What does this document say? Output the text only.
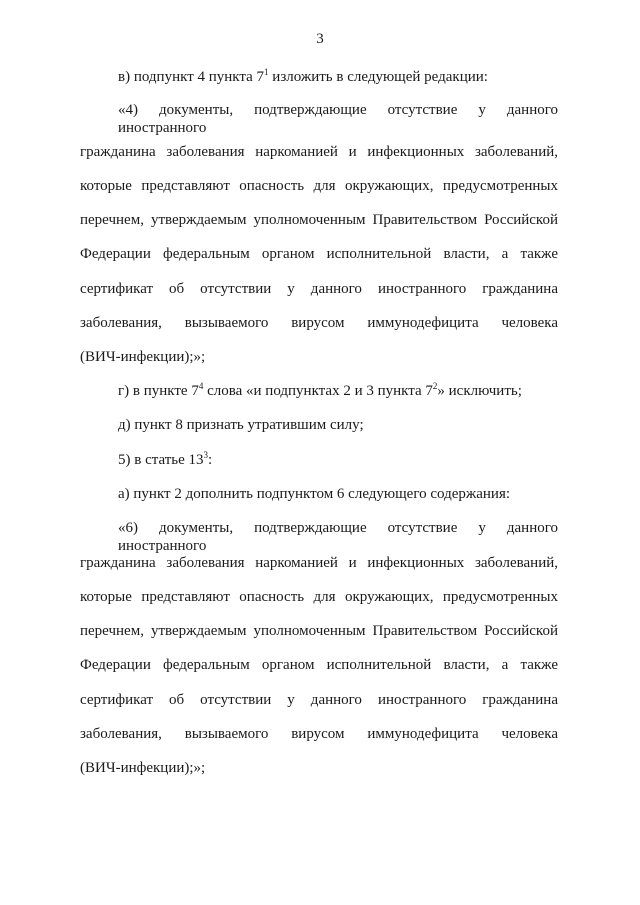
3
в) подпункт 4 пункта $7^1$ изложить в следующей редакции:
«4) документы, подтверждающие отсутствие у данного иностранного
гражданина заболевания наркоманией и инфекционных заболеваний,
которые представляют опасность для окружающих, предусмотренных
перечнем, утверждаемым уполномоченным Правительством Российской
Федерации федеральным органом исполнительной власти, а также
сертификат об отсутствии у данного иностранного гражданина
заболевания, вызываемого вирусом иммунодефицита человека
(ВИЧ-инфекции);»;
г) в пункте $7^4$ слова «и подпунктах 2 и 3 пункта $7^2$» исключить;
д) пункт 8 признать утратившим силу;
5) в статье $13^3$:
а) пункт 2 дополнить подпунктом 6 следующего содержания:
«6) документы, подтверждающие отсутствие у данного иностранного
гражданина заболевания наркоманией и инфекционных заболеваний,
которые представляют опасность для окружающих, предусмотренных
перечнем, утверждаемым уполномоченным Правительством Российской
Федерации федеральным органом исполнительной власти, а также
сертификат об отсутствии у данного иностранного гражданина
заболевания, вызываемого вирусом иммунодефицита человека
(ВИЧ-инфекции);»;
